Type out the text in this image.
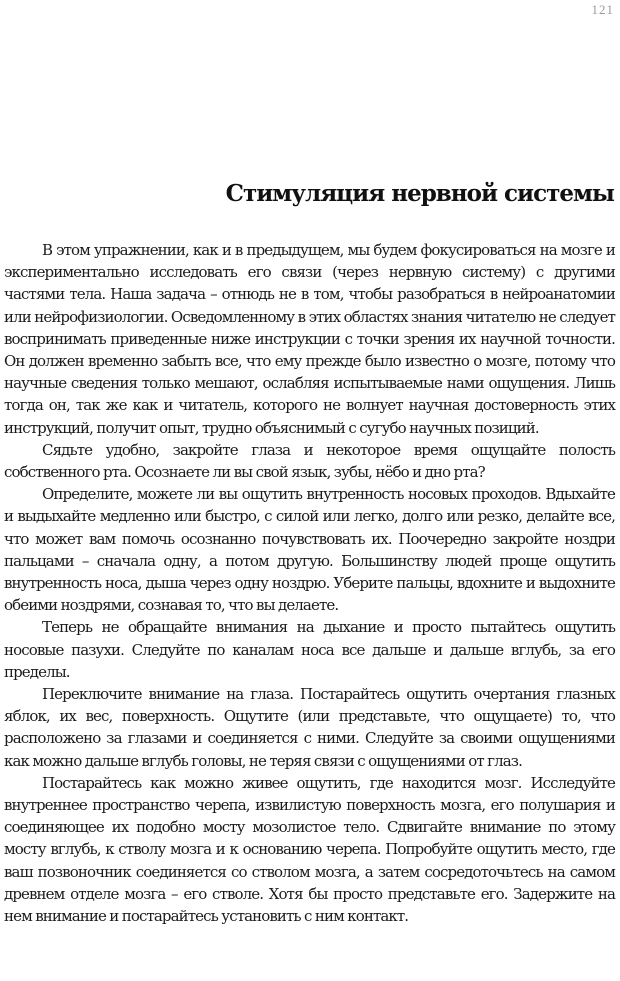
121
Стимуляция нервной системы

В этом упражнении, как и в предыдущем, мы будем фокусироваться на мозге и экспериментально исследовать его связи (через нервную систему) с другими частями тела. Наша задача – отнюдь не в том, чтобы разобраться в нейроанатомии или нейрофизиологии. Осведомленному в этих областях знания читателю не следует воспринимать приведенные ниже инструкции с точки зрения их научной точности. Он должен временно забыть все, что ему прежде было известно о мозге, потому что научные сведения только мешают, ослабляя испытываемые нами ощущения. Лишь тогда он, так же как и читатель, которого не волнует научная достоверность этих инструкций, получит опыт, трудно объяснимый с сугубо научных позиций.

Сядьте удобно, закройте глаза и некоторое время ощущайте полость собственного рта. Осознаете ли вы свой язык, зубы, нёбо и дно рта?

Определите, можете ли вы ощутить внутренность носовых проходов. Вдыхайте и выдыхайте медленно или быстро, с силой или легко, долго или резко, делайте все, что может вам помочь осознанно почувствовать их. Поочередно закройте ноздри пальцами – сначала одну, а потом другую. Большинству людей проще ощутить внутренность носа, дыша через одну ноздрю. Уберите пальцы, вдохните и выдохните обеими ноздрями, сознавая то, что вы делаете.

Теперь не обращайте внимания на дыхание и просто пытайтесь ощутить носовые пазухи. Следуйте по каналам носа все дальше и дальше вглубь, за его пределы.

Переключите внимание на глаза. Постарайтесь ощутить очертания глазных яблок, их вес, поверхность. Ощутите (или представьте, что ощущаете) то, что расположено за глазами и соединяется с ними. Следуйте за своими ощущениями как можно дальше вглубь головы, не теряя связи с ощущениями от глаз.

Постарайтесь как можно живее ощутить, где находится мозг. Исследуйте внутреннее пространство черепа, извилистую поверхность мозга, его полушария и соединяющее их подобно мосту мозолистое тело. Сдвигайте внимание по этому мосту вглубь, к стволу мозга и к основанию черепа. Попробуйте ощутить место, где ваш позвоночник соединяется со стволом мозга, а затем сосредоточьтесь на самом древнем отделе мозга – его стволе. Хотя бы просто представьте его. Задержите на нем внимание и постарайтесь установить с ним контакт.
